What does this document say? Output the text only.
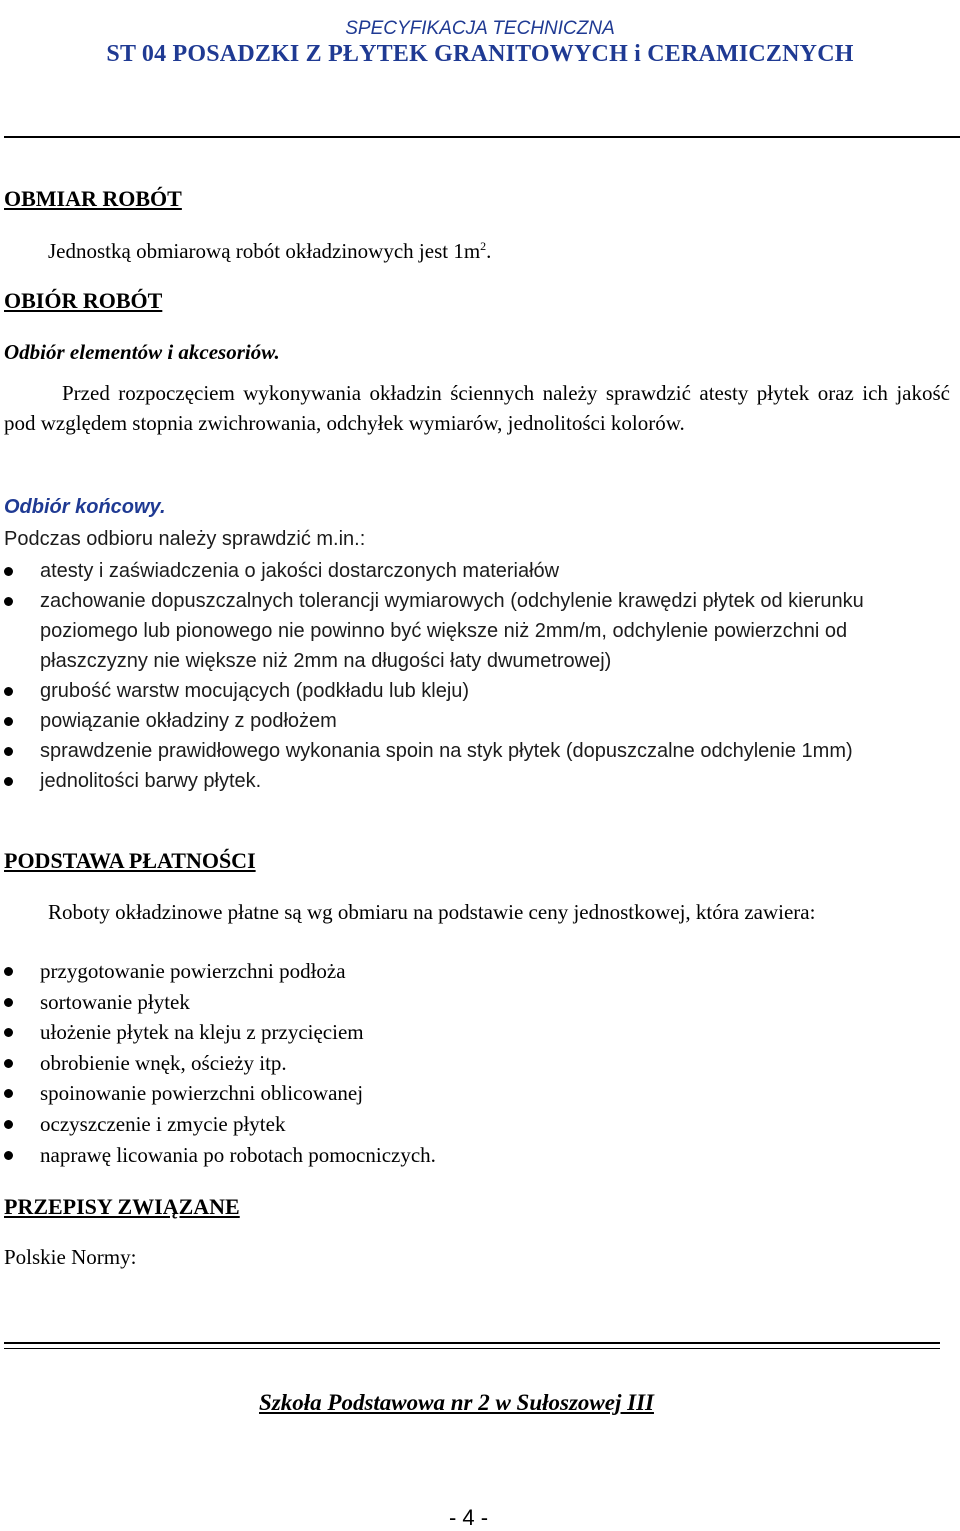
SPECYFIKACJA TECHNICZNA
ST 04 POSADZKI Z PŁYTEK GRANITOWYCH i CERAMICZNYCH
OBMIAR ROBÓT
Jednostką obmiarową robót okładzinowych jest $1m^2$.
OBIÓR ROBÓT
Odbiór elementów i akcesoriów.
Przed rozpoczęciem wykonywania okładzin ściennych należy sprawdzić atesty płytek oraz ich jakość pod względem stopnia zwichrowania, odchyłek wymiarów, jednolitości kolorów.
Odbiór końcowy.
Podczas odbioru należy sprawdzić m.in.:
atesty i zaświadczenia o jakości dostarczonych materiałów
zachowanie dopuszczalnych tolerancji wymiarowych (odchylenie krawędzi płytek od kierunku poziomego lub pionowego nie powinno być większe niż 2mm/m, odchylenie powierzchni od płaszczyzny nie większe niż 2mm na długości łaty dwumetrowej)
grubość warstw mocujących (podkładu lub kleju)
powiązanie okładziny z podłożem
sprawdzenie prawidłowego wykonania spoin na styk płytek (dopuszczalne odchylenie 1mm)
jednolitości barwy płytek.
PODSTAWA PŁATNOŚCI
Roboty okładzinowe płatne są wg obmiaru na podstawie ceny jednostkowej, która zawiera:
przygotowanie powierzchni podłoża
sortowanie płytek
ułożenie płytek na kleju z przycięciem
obrobienie wnęk, ościeży itp.
spoinowanie powierzchni oblicowanej
oczyszczenie i zmycie płytek
naprawę licowania po robotach pomocniczych.
PRZEPISY ZWIĄZANE
Polskie Normy:
Szkoła Podstawowa nr 2 w Sułoszowej III
- 4 -
